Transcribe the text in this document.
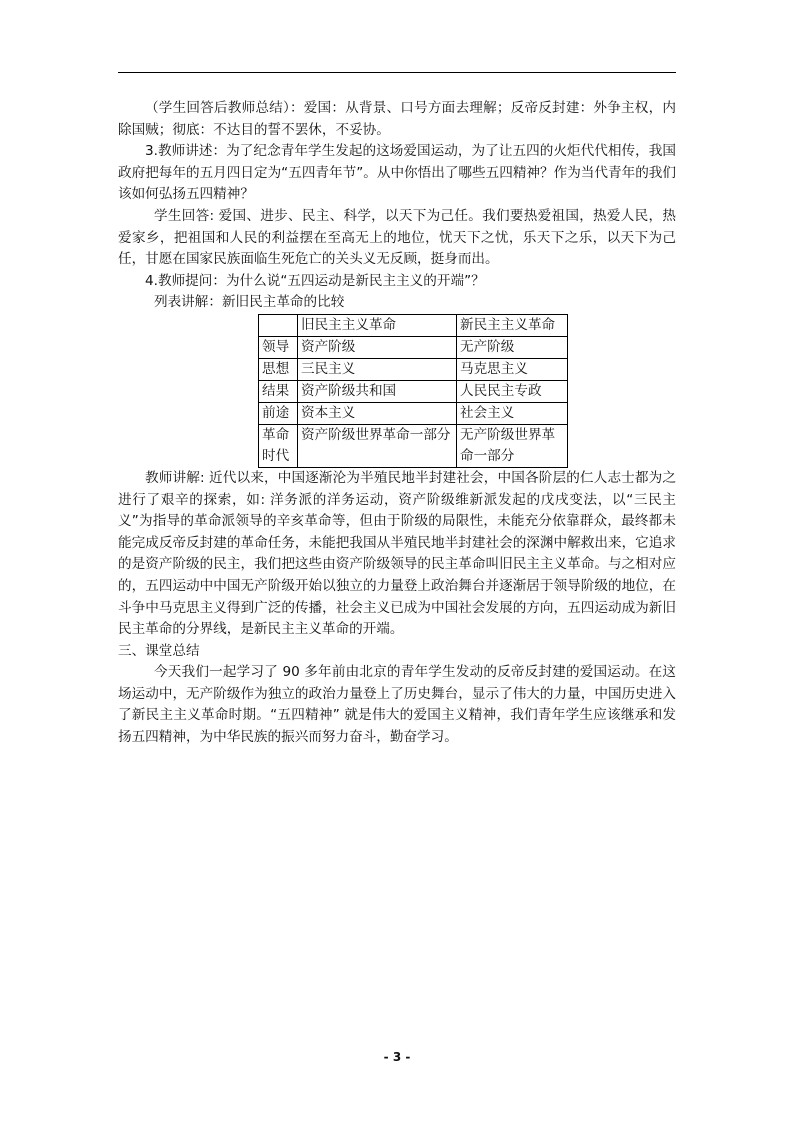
（学生回答后教师总结）：爱国：从背景、口号方面去理解；反帝反封建：外争主权，内除国贼；彻底：不达目的誓不罢休，不妥协。

3.教师讲述：为了纪念青年学生发起的这场爱国运动，为了让五四的火炬代代相传，我国政府把每年的五月四日定为“五四青年节”。从中你悟出了哪些五四精神？作为当代青年的我们该如何弘扬五四精神？

学生回答: 爱国、进步、民主、科学，以天下为己任。我们要热爱祖国，热爱人民，热爱家乡，把祖国和人民的利益摆在至高无上的地位，忧天下之忧，乐天下之乐，以天下为己任，甘愿在国家民族面临生死危亡的关头义无反顾，挺身而出。

4.教师提问：为什么说“五四运动是新民主主义的开端”？

列表讲解：新旧民主革命的比较

	旧民主主义革命	新民主主义革命
领导	资产阶级	无产阶级
思想	三民主义	马克思主义
结果	资产阶级共和国	人民民主专政
前途	资本主义	社会主义
革命时代	资产阶级世界革命一部分	无产阶级世界革命一部分

教师讲解: 近代以来，中国逐渐沦为半殖民地半封建社会，中国各阶层的仁人志士都为之进行了艰辛的探索，如: 洋务派的洋务运动，资产阶级维新派发起的戊戌变法，以“三民主义”为指导的革命派领导的辛亥革命等，但由于阶级的局限性，未能充分依靠群众，最终都未能完成反帝反封建的革命任务，未能把我国从半殖民地半封建社会的深渊中解救出来，它追求的是资产阶级的民主，我们把这些由资产阶级领导的民主革命叫旧民主主义革命。与之相对应的，五四运动中中国无产阶级开始以独立的力量登上政治舞台并逐渐居于领导阶级的地位，在斗争中马克思主义得到广泛的传播，社会主义已成为中国社会发展的方向，五四运动成为新旧民主革命的分界线，是新民主主义革命的开端。

三、课堂总结

今天我们一起学习了 90 多年前由北京的青年学生发动的反帝反封建的爱国运动。在这场运动中，无产阶级作为独立的政治力量登上了历史舞台，显示了伟大的力量，中国历史进入了新民主主义革命时期。“五四精神” 就是伟大的爱国主义精神，我们青年学生应该继承和发扬五四精神，为中华民族的振兴而努力奋斗，勤奋学习。

- 3 -
